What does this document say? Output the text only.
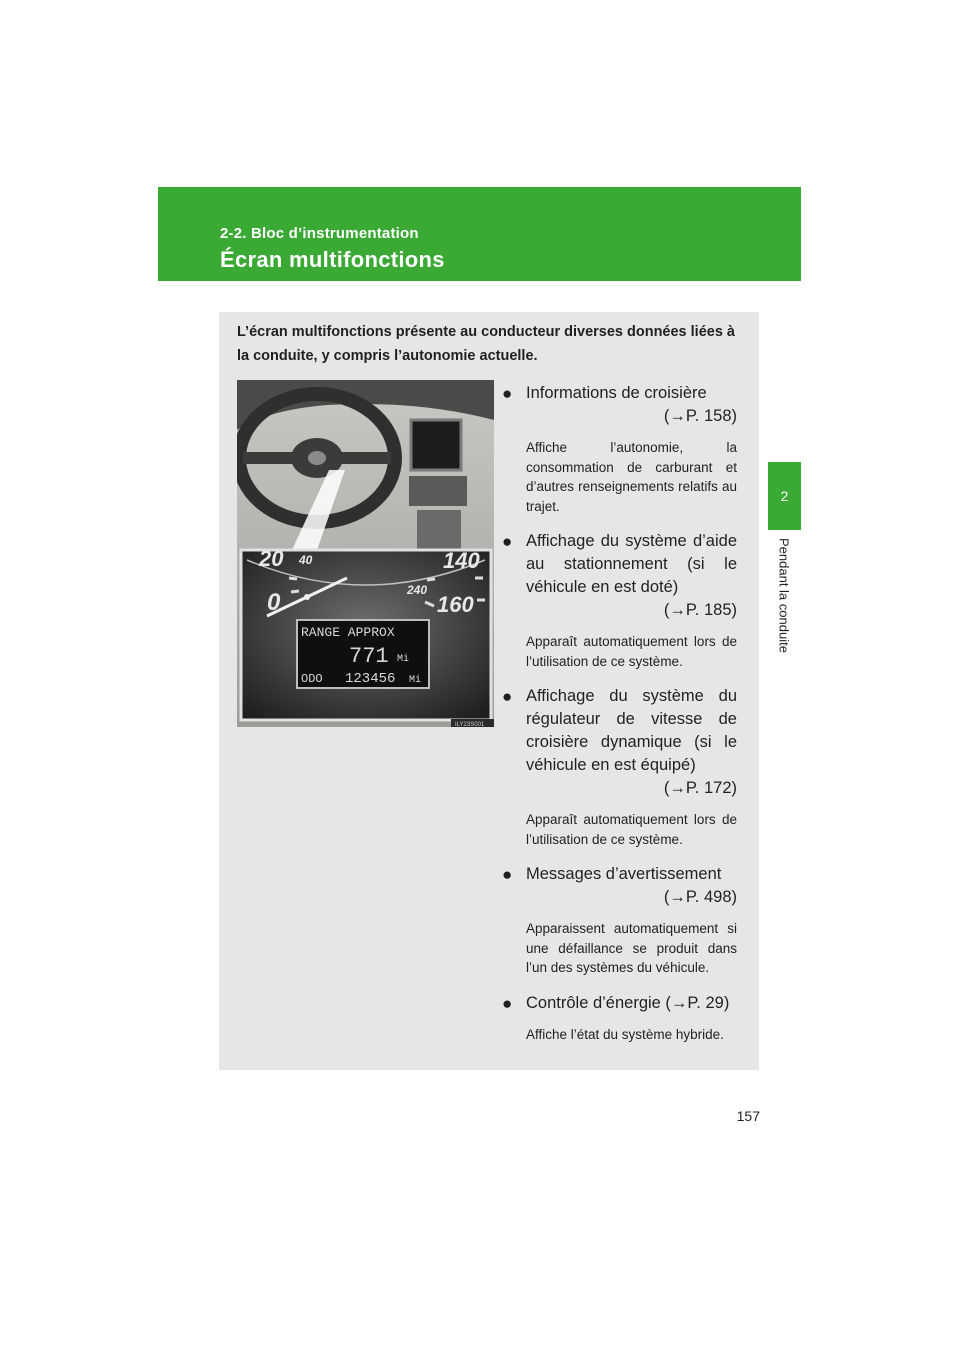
2-2. Bloc d’instrumentation
Écran multifonctions
2
Pendant la conduite
L’écran multifonctions présente au conducteur diverses données liées à la conduite, y compris l’autonomie actuelle.
20 40
0
140
240
160
RANGE APPROX
771 Mi
ODO 123456 Mi
ILY23S001
● Informations de croisière
(→P. 158)
Affiche l’autonomie, la consommation de carburant et d’autres renseignements relatifs au trajet.
● Affichage du système d’aide au stationnement (si le véhicule en est doté)
(→P. 185)
Apparaît automatiquement lors de l’utilisation de ce système.
● Affichage du système du régulateur de vitesse de croisière dynamique (si le véhicule en est équipé)
(→P. 172)
Apparaît automatiquement lors de l’utilisation de ce système.
● Messages d’avertissement
(→P. 498)
Apparaissent automatiquement si une défaillance se produit dans l’un des systèmes du véhicule.
● Contrôle d’énergie (→P. 29)
Affiche l’état du système hybride.
157
